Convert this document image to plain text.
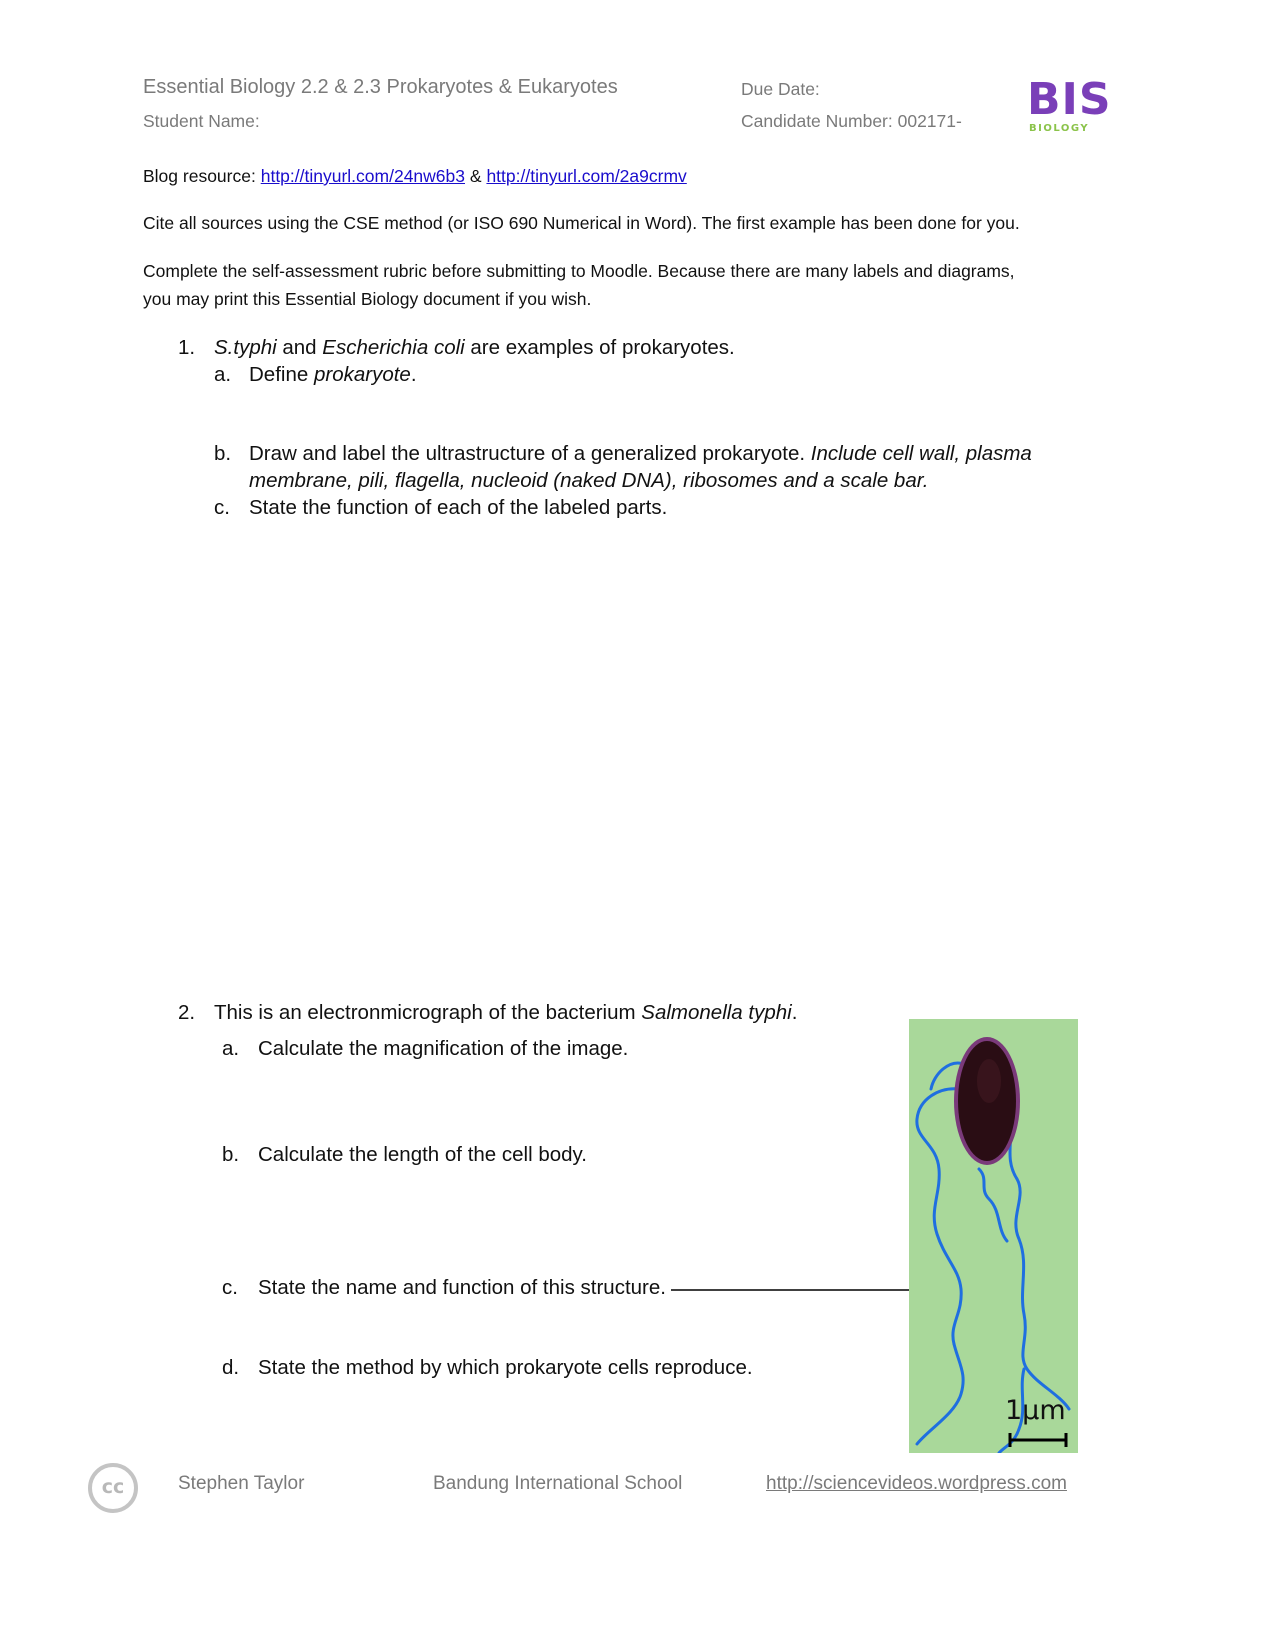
Essential Biology 2.2 & 2.3 Prokaryotes & Eukaryotes
Student Name:
Due Date:
Candidate Number: 002171- BIS
BIOLOGY
Blog resource: http://tinyurl.com/24nw6b3 & http://tinyurl.com/2a9crmv
Cite all sources using the CSE method (or ISO 690 Numerical in Word). The first example has been done for you.
Complete the self-assessment rubric before submitting to Moodle. Because there are many labels and diagrams,
you may print this Essential Biology document if you wish.
1. S.typhi and Escherichia coli are examples of prokaryotes.
a. Define prokaryote.
b. Draw and label the ultrastructure of a generalized prokaryote. Include cell wall, plasma
membrane, pili, flagella, nucleoid (naked DNA), ribosomes and a scale bar.
c. State the function of each of the labeled parts.
2. This is an electronmicrograph of the bacterium Salmonella typhi.
a. Calculate the magnification of the image.
b. Calculate the length of the cell body.
c. State the name and function of this structure.
d. State the method by which prokaryote cells reproduce.
1μm
cc	Stephen Taylor	Bandung International School	http://sciencevideos.wordpress.com
